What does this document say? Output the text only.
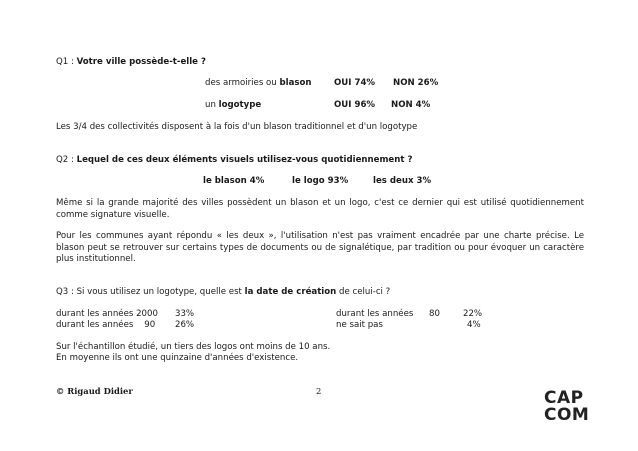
Q1 : Votre ville possède-t-elle ?
des armoiries ou blason	OUI 74% NON 26%
un logotype	OUI 96% NON 4%
Les 3/4 des collectivités disposent à la fois d'un blason traditionnel et d'un logotype
Q2 : Lequel de ces deux éléments visuels utilisez-vous quotidiennement ?
le blason 4%	le logo 93%	les deux 3%
Même si la grande majorité des villes possèdent un blason et un logo, c'est ce dernier qui est utilisé quotidiennement comme signature visuelle.
Pour les communes ayant répondu « les deux », l'utilisation n'est pas vraiment encadrée par une charte précise. Le blason peut se retrouver sur certains types de documents ou de signalétique, par tradition ou pour évoquer un caractère plus institutionnel.
Q3 : Si vous utilisez un logotype, quelle est la date de création de celui-ci ?
durant les années 2000 33%
durant les années    90 26%
durant les années 80	22%
ne sait pas	4%
Sur l'échantillon étudié, un tiers des logos ont moins de 10 ans.
En moyenne ils ont une quinzaine d'années d'existence.
© Rigaud Didier	2	CAP
COM
